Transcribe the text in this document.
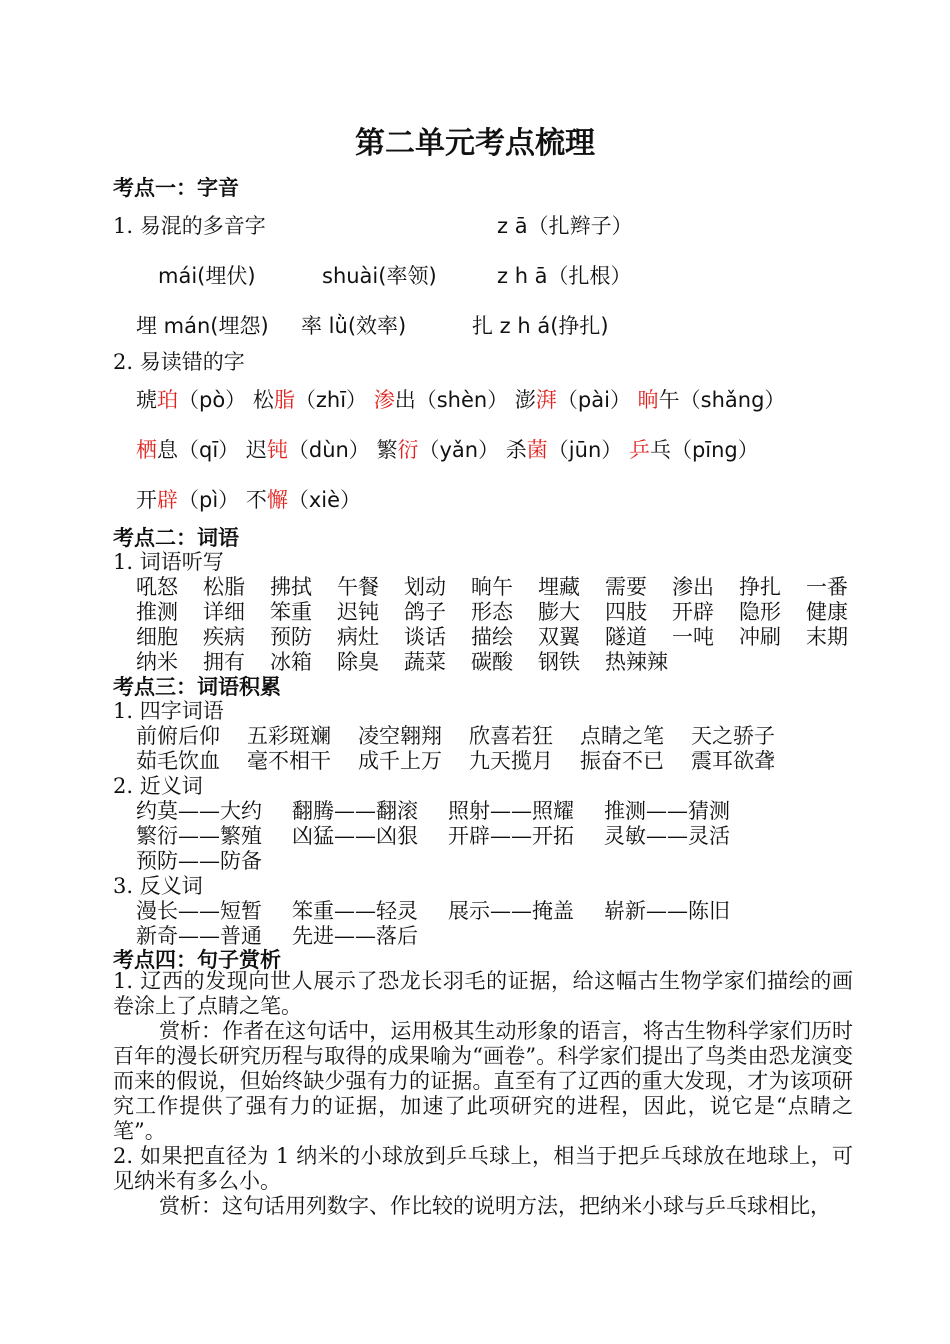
第二单元考点梳理
考点一：字音
1. 易混的多音字	z ā（扎辫子）
mái(埋伏)	shuài(率领)	z h ā（扎根）
埋 mán(埋怨) 率 lǜ(效率)	扎 z h á(挣扎)
2. 易读错的字
琥珀（pò） 松脂（zhī） 渗出（shèn） 澎湃（pài） 晌午（shǎng）
栖息（qī） 迟钝（dùn） 繁衍（yǎn） 杀菌（jūn） 乒乓（pīng）
开辟（pì） 不懈（xiè）
考点二：词语
1. 词语听写
吼怒 松脂 拂拭 午餐 划动 晌午 埋藏 需要 渗出 挣扎 一番
推测 详细 笨重 迟钝 鸽子 形态 膨大 四肢 开辟 隐形 健康
细胞 疾病 预防 病灶 谈话 描绘 双翼 隧道 一吨 冲刷 末期
纳米 拥有 冰箱 除臭 蔬菜 碳酸 钢铁 热辣辣
考点三：词语积累
1. 四字词语
前俯后仰 五彩斑斓 凌空翱翔 欣喜若狂 点睛之笔 天之骄子
茹毛饮血 毫不相干 成千上万 九天揽月 振奋不已 震耳欲聋
2. 近义词
约莫——大约 翻腾——翻滚 照射——照耀 推测——猜测
繁衍——繁殖 凶猛——凶狠 开辟——开拓 灵敏——灵活
预防——防备
3. 反义词
漫长——短暂 笨重——轻灵 展示——掩盖 崭新——陈旧
新奇——普通 先进——落后
考点四：句子赏析
1. 辽西的发现向世人展示了恐龙长羽毛的证据，给这幅古生物学家们描绘的画卷涂上了点睛之笔。
赏析：作者在这句话中，运用极其生动形象的语言，将古生物科学家们历时百年的漫长研究历程与取得的成果喻为“画卷”。科学家们提出了鸟类由恐龙演变而来的假说，但始终缺少强有力的证据。直至有了辽西的重大发现，才为该项研究工作提供了强有力的证据，加速了此项研究的进程，因此，说它是“点睛之笔”。
2. 如果把直径为 1 纳米的小球放到乒乓球上，相当于把乒乓球放在地球上，可见纳米有多么小。
赏析：这句话用列数字、作比较的说明方法，把纳米小球与乒乓球相比，
